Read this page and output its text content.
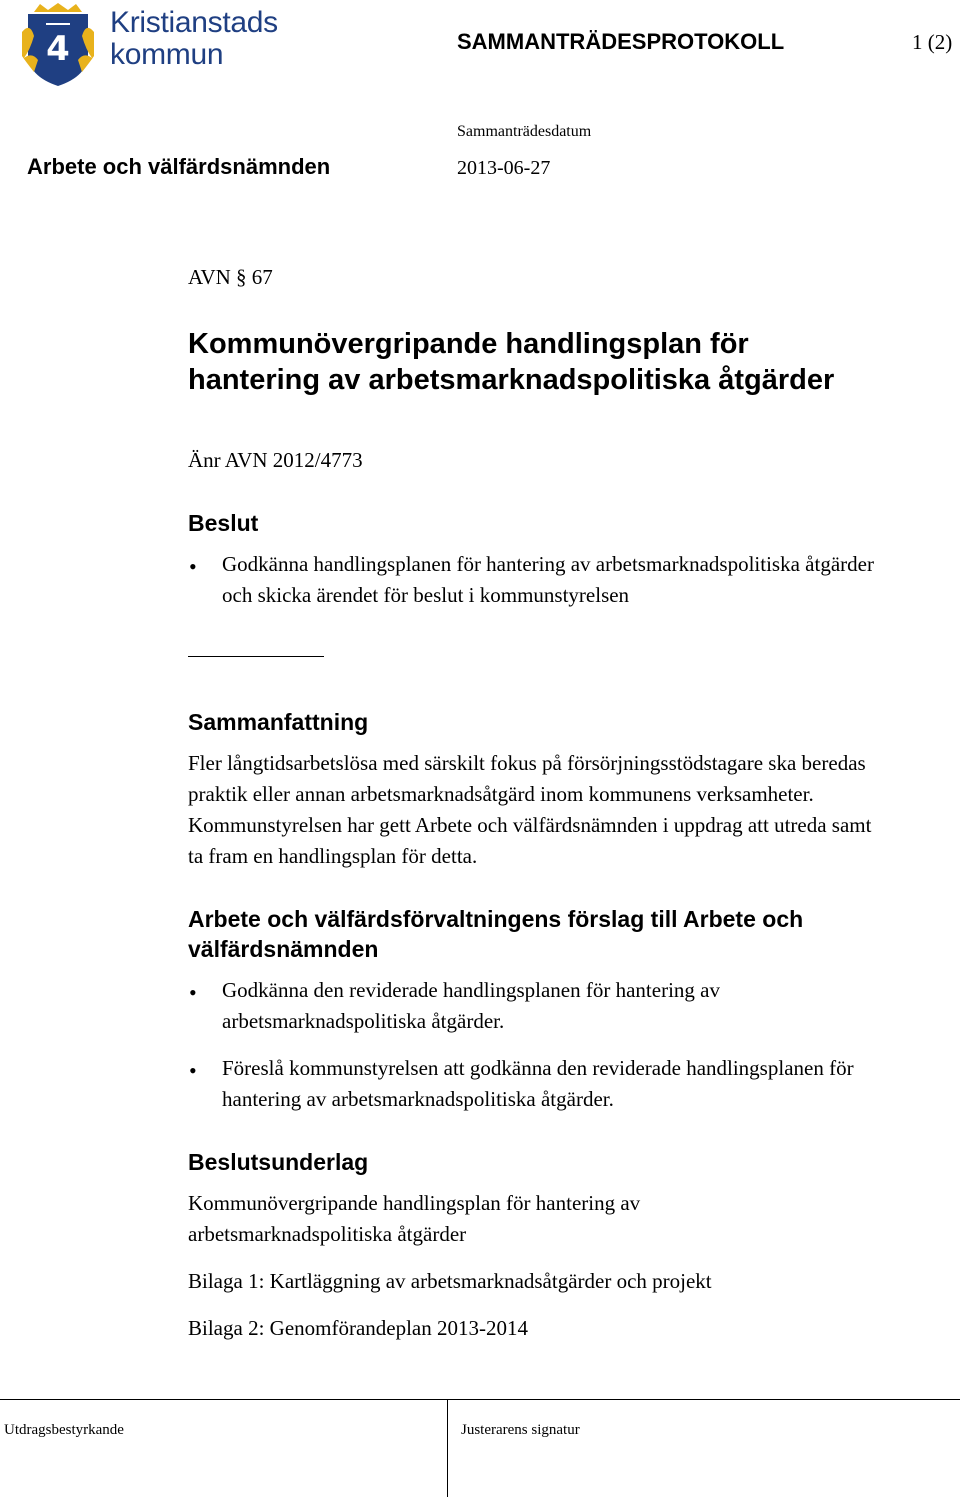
4
Kristianstads
kommun	SAMMANTRÄDESPROTOKOLL	1 (2)
Sammanträdesdatum
Arbete och välfärdsnämnden	2013-06-27
AVN § 67
Kommunövergripande handlingsplan för hantering av arbetsmarknadspolitiska åtgärder
Änr AVN 2012/4773
Beslut
• Godkänna handlingsplanen för hantering av arbetsmarknadspolitiska åtgärder och skicka ärendet för beslut i kommunstyrelsen
Sammanfattning
Fler långtidsarbetslösa med särskilt fokus på försörjningsstödstagare ska beredas praktik eller annan arbetsmarknadsåtgärd inom kommunens verksamheter. Kommunstyrelsen har gett Arbete och välfärdsnämnden i uppdrag att utreda samt ta fram en handlingsplan för detta.
Arbete och välfärdsförvaltningens förslag till Arbete och välfärdsnämnden
• Godkänna den reviderade handlingsplanen för hantering av arbetsmarknadspolitiska åtgärder.
• Föreslå kommunstyrelsen att godkänna den reviderade handlingsplanen för hantering av arbetsmarknadspolitiska åtgärder.
Beslutsunderlag
Kommunövergripande handlingsplan för hantering av arbetsmarknadspolitiska åtgärder
Bilaga 1: Kartläggning av arbetsmarknadsåtgärder och projekt
Bilaga 2: Genomförandeplan 2013-2014
Utdragsbestyrkande	Justerarens signatur
